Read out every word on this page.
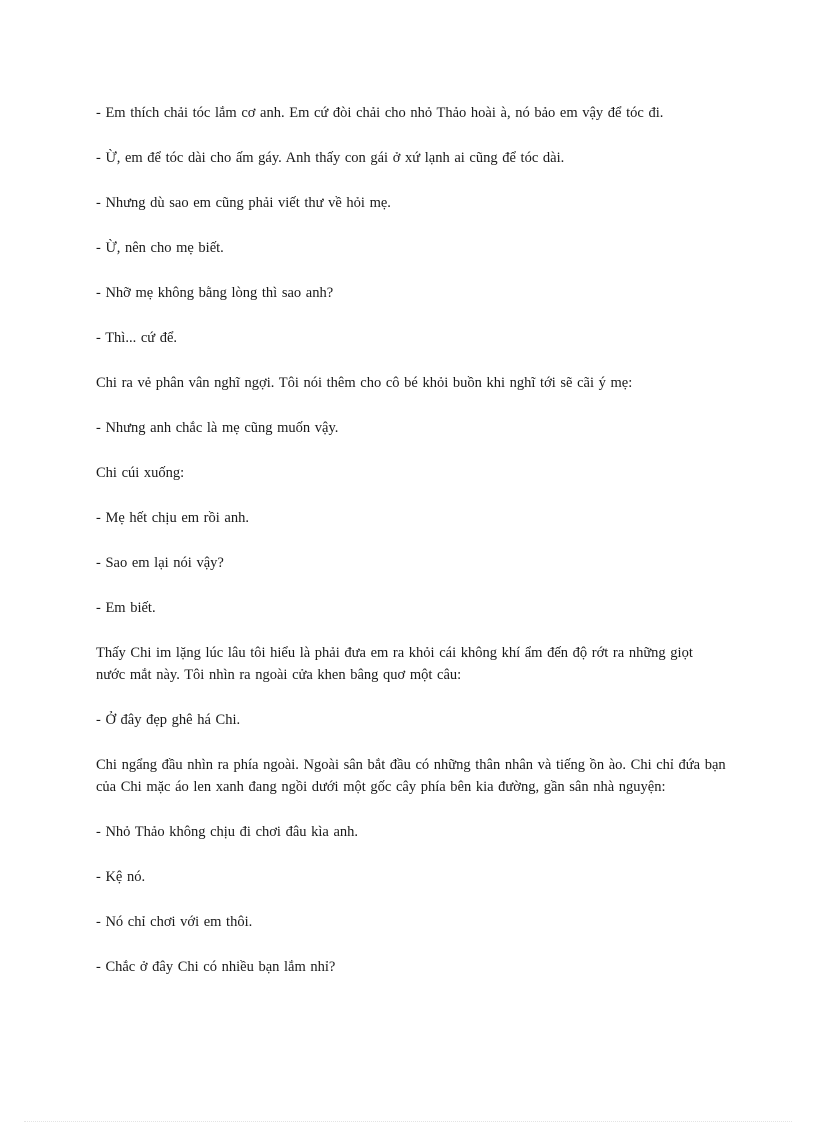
- Em thích chải tóc lắm cơ anh. Em cứ đòi chải cho nhỏ Thảo hoài à, nó bảo em vậy để tóc đi.

- Ừ, em để tóc dài cho ấm gáy. Anh thấy con gái ở xứ lạnh ai cũng để tóc dài.

- Nhưng dù sao em cũng phải viết thư về hỏi mẹ.

- Ừ, nên cho mẹ biết.

- Nhỡ mẹ không bằng lòng thì sao anh?

- Thì... cứ để.

Chi ra vẻ phân vân nghĩ ngợi. Tôi nói thêm cho cô bé khỏi buồn khi nghĩ tới sẽ cãi ý mẹ:

- Nhưng anh chắc là mẹ cũng muốn vậy.

Chi cúi xuống:

- Mẹ hết chịu em rồi anh.

- Sao em lại nói vậy?

- Em biết.

Thấy Chi im lặng lúc lâu tôi hiểu là phải đưa em ra khỏi cái không khí ẩm đến độ rớt ra những giọt nước mắt này. Tôi nhìn ra ngoài cửa khen bâng quơ một câu:

- Ở đây đẹp ghê há Chi.

Chi ngẩng đầu nhìn ra phía ngoài. Ngoài sân bắt đầu có những thân nhân và tiếng ồn ào. Chi chỉ đứa bạn của Chi mặc áo len xanh đang ngồi dưới một gốc cây phía bên kia đường, gần sân nhà nguyện:

- Nhỏ Thảo không chịu đi chơi đâu kìa anh.

- Kệ nó.

- Nó chỉ chơi với em thôi.

- Chắc ở đây Chi có nhiều bạn lắm nhỉ?
